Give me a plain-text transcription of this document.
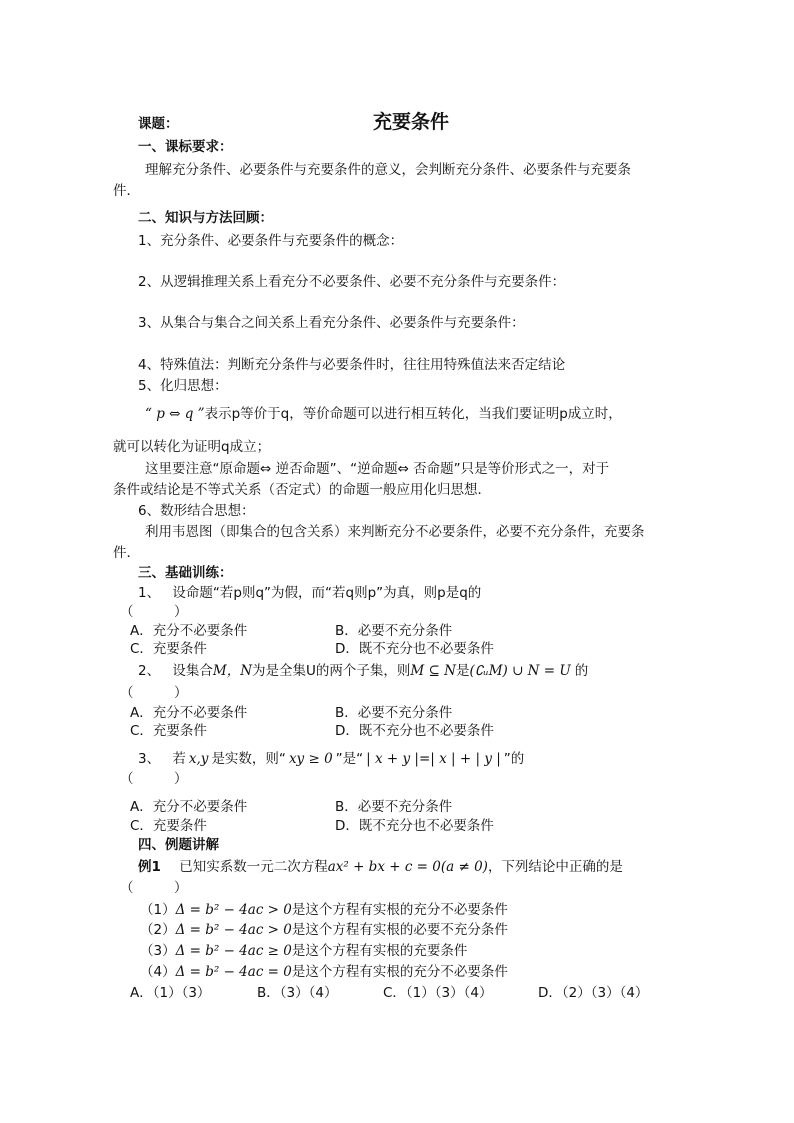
课题：	充要条件
一、课标要求：
理解充分条件、必要条件与充要条件的意义，会判断充分条件、必要条件与充要条
件．
二、知识与方法回顾：
1、充分条件、必要条件与充要条件的概念：
2、从逻辑推理关系上看充分不必要条件、必要不充分条件与充要条件：
3、从集合与集合之间关系上看充分条件、必要条件与充要条件：
4、特殊值法：判断充分条件与必要条件时，往往用特殊值法来否定结论
5、化归思想：
“ p ⇔ q ”表示p等价于q，等价命题可以进行相互转化，当我们要证明p成立时，
就可以转化为证明q成立；
这里要注意“原命题⇔ 逆否命题”、“逆命题⇔ 否命题”只是等价形式之一，对于
条件或结论是不等式关系（否定式）的命题一般应用化归思想．
6、数形结合思想：
利用韦恩图（即集合的包含关系）来判断充分不必要条件，必要不充分条件，充要条
件．
三、基础训练：
1、 设命题“若p则q”为假，而“若q则p”为真，则p是q的
（　　　）
A．充分不必要条件	B．必要不充分条件
C．充要条件	D．既不充分也不必要条件
2、 设集合M，N为是全集U的两个子集，则M ⊆ N是(∁ᵤM) ∪ N = U 的
（　　　）
A．充分不必要条件	B．必要不充分条件
C．充要条件	D．既不充分也不必要条件
3、 若 x,y 是实数，则“ xy ≥ 0 ”是“ | x + y |=| x | + | y | ”的
（　　　）
A．充分不必要条件	B．必要不充分条件
C．充要条件	D．既不充分也不必要条件
四、例题讲解
例1 已知实系数一元二次方程ax² + bx + c = 0(a ≠ 0)，下列结论中正确的是
（　　　）
（1）Δ = b² − 4ac > 0是这个方程有实根的充分不必要条件
（2）Δ = b² − 4ac > 0是这个方程有实根的必要不充分条件
（3）Δ = b² − 4ac ≥ 0是这个方程有实根的充要条件
（4）Δ = b² − 4ac = 0是这个方程有实根的充分不必要条件
A．（1）（3）	B．（3）（4）	C．（1）（3）（4）	D．（2）（3）（4）
